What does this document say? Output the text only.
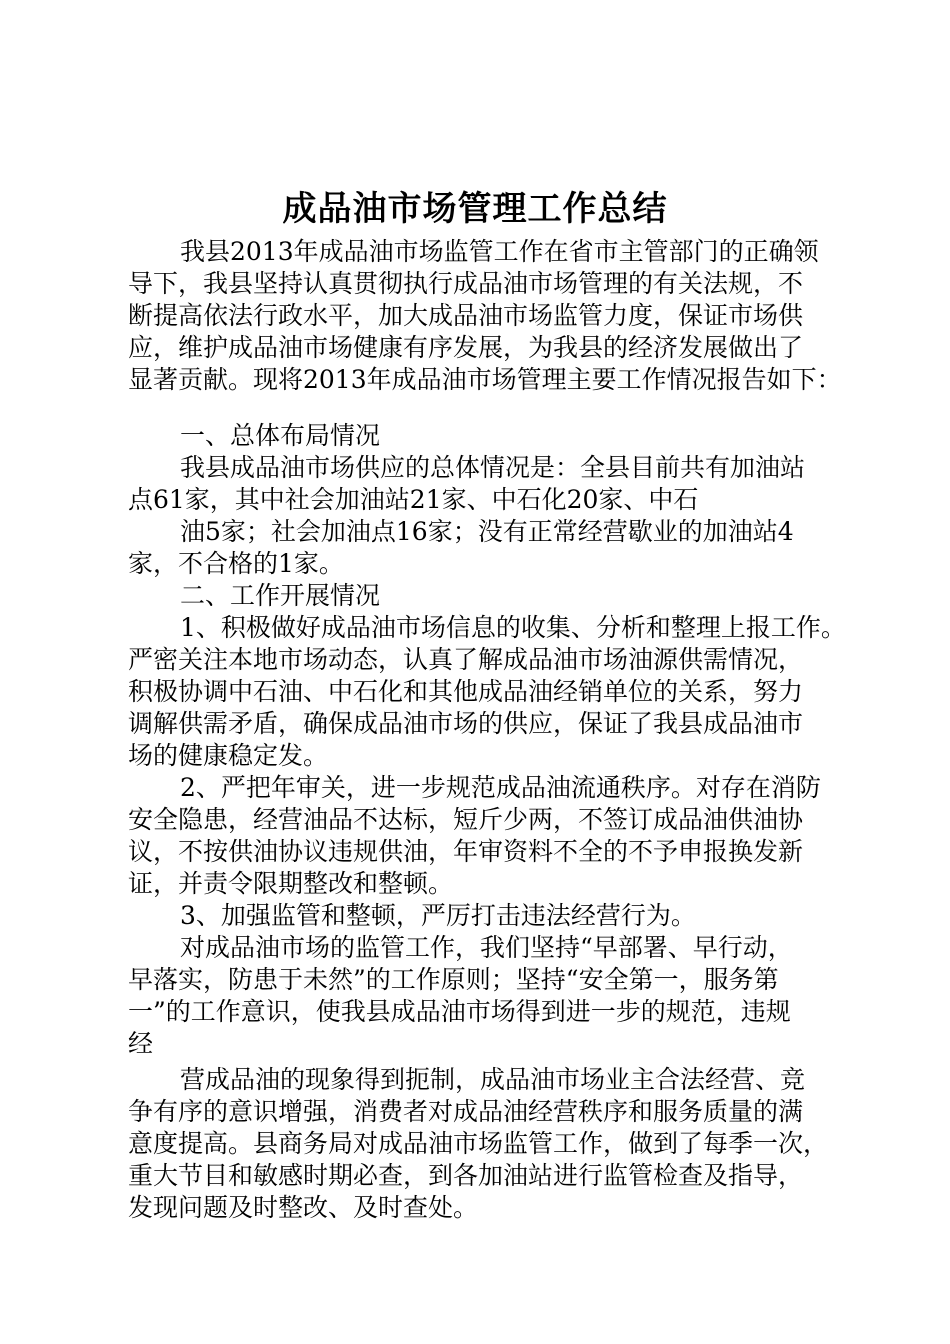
成品油市场管理工作总结
我县2013年成品油市场监管工作在省市主管部门的正确领
导下，我县坚持认真贯彻执行成品油市场管理的有关法规，不
断提高依法行政水平，加大成品油市场监管力度，保证市场供
应，维护成品油市场健康有序发展，为我县的经济发展做出了
显著贡献。现将2013年成品油市场管理主要工作情况报告如下：
一、总体布局情况
我县成品油市场供应的总体情况是：全县目前共有加油站
点61家，其中社会加油站21家、中石化20家、中石
油5家；社会加油点16家；没有正常经营歇业的加油站4
家，不合格的1家。
二、工作开展情况
1、积极做好成品油市场信息的收集、分析和整理上报工作。
严密关注本地市场动态，认真了解成品油市场油源供需情况，
积极协调中石油、中石化和其他成品油经销单位的关系，努力
调解供需矛盾，确保成品油市场的供应，保证了我县成品油市
场的健康稳定发。
2、严把年审关，进一步规范成品油流通秩序。对存在消防
安全隐患，经营油品不达标，短斤少两，不签订成品油供油协
议，不按供油协议违规供油，年审资料不全的不予申报换发新
证，并责令限期整改和整顿。
3、加强监管和整顿，严厉打击违法经营行为。
对成品油市场的监管工作，我们坚持“早部署、早行动，
早落实，防患于未然”的工作原则；坚持“安全第一，服务第
一”的工作意识，使我县成品油市场得到进一步的规范，违规
经
营成品油的现象得到扼制，成品油市场业主合法经营、竞
争有序的意识增强，消费者对成品油经营秩序和服务质量的满
意度提高。县商务局对成品油市场监管工作，做到了每季一次，
重大节目和敏感时期必查，到各加油站进行监管检查及指导，
发现问题及时整改、及时查处。
